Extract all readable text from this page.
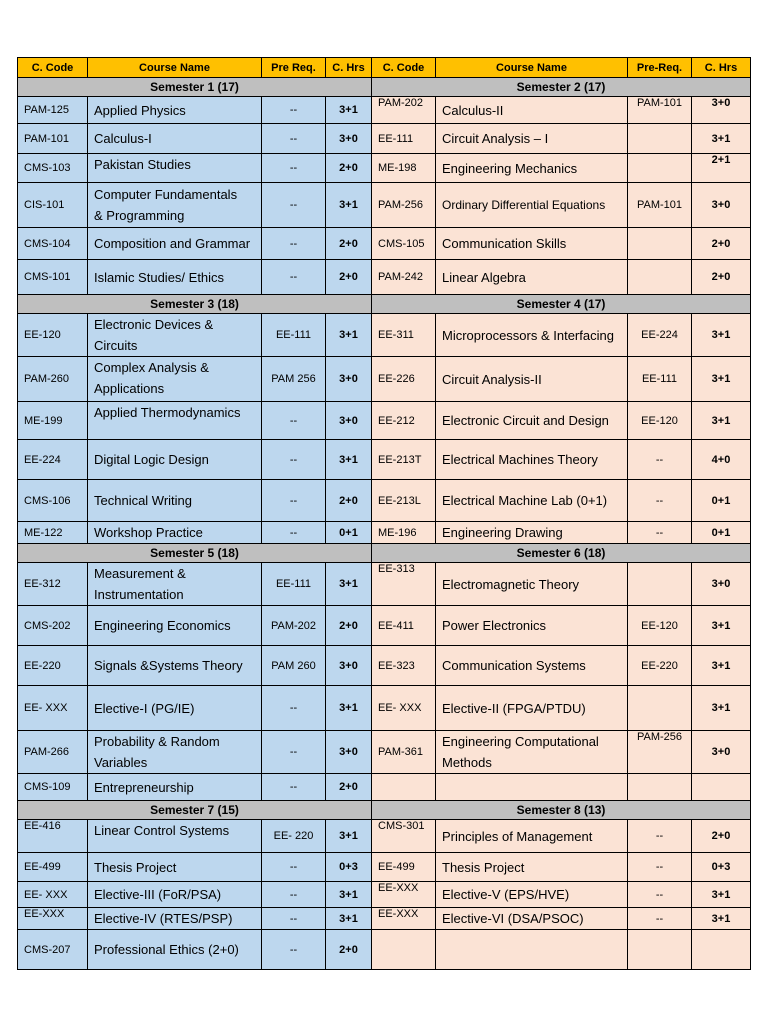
C. Code	Course Name	Pre Req.	C. Hrs	C. Code	Course Name	Pre-Req.	C. Hrs
Semester 1 (17)				Semester 2 (17)			
PAM-125	Applied Physics	--	3+1	PAM-202	Calculus-II	PAM-101	3+0
PAM-101	Calculus-I	--	3+0	EE-111	Circuit Analysis – I		3+1
CMS-103	Pakistan Studies	--	2+0	ME-198	Engineering Mechanics		2+1
CIS-101	Computer Fundamentals
& Programming	--	3+1	PAM-256	Ordinary Differential Equations	PAM-101	3+0
CMS-104	Composition and Grammar	--	2+0	CMS-105	Communication Skills		2+0
CMS-101	Islamic Studies/ Ethics	--	2+0	PAM-242	Linear Algebra		2+0
Semester 3 (18)				Semester 4 (17)			
EE-120	Electronic Devices &
Circuits	EE-111	3+1	EE-311	Microprocessors & Interfacing	EE-224	3+1
PAM-260	Complex Analysis &
Applications	PAM 256	3+0	EE-226	Circuit Analysis-II	EE-111	3+1
ME-199	Applied Thermodynamics	--	3+0	EE-212	Electronic Circuit and Design	EE-120	3+1
EE-224	Digital Logic Design	--	3+1	EE-213T	Electrical Machines Theory	--	4+0
CMS-106	Technical Writing	--	2+0	EE-213L	Electrical Machine Lab (0+1)	--	0+1
ME-122	Workshop Practice	--	0+1	ME-196	Engineering Drawing	--	0+1
Semester 5 (18)				Semester 6 (18)			
EE-312	Measurement &
Instrumentation	EE-111	3+1	EE-313	Electromagnetic Theory		3+0
CMS-202	Engineering Economics	PAM-202	2+0	EE-411	Power Electronics	EE-120	3+1
EE-220	Signals &Systems Theory	PAM 260	3+0	EE-323	Communication Systems	EE-220	3+1
EE- XXX	Elective-I (PG/IE)	--	3+1	EE- XXX	Elective-II (FPGA/PTDU)		3+1
PAM-266	Probability & Random
Variables	--	3+0	PAM-361	Engineering Computational
Methods	PAM-256	3+0
CMS-109	Entrepreneurship	--	2+0				
Semester 7 (15)				Semester 8 (13)			
EE-416	Linear Control Systems	EE- 220	3+1	CMS-301	Principles of Management	--	2+0
EE-499	Thesis Project	--	0+3	EE-499	Thesis Project	--	0+3
EE- XXX	Elective-III (FoR/PSA)	--	3+1	EE-XXX	Elective-V (EPS/HVE)	--	3+1
EE-XXX	Elective-IV (RTES/PSP)	--	3+1	EE-XXX	Elective-VI (DSA/PSOC)	--	3+1
CMS-207	Professional Ethics (2+0)	--	2+0				
